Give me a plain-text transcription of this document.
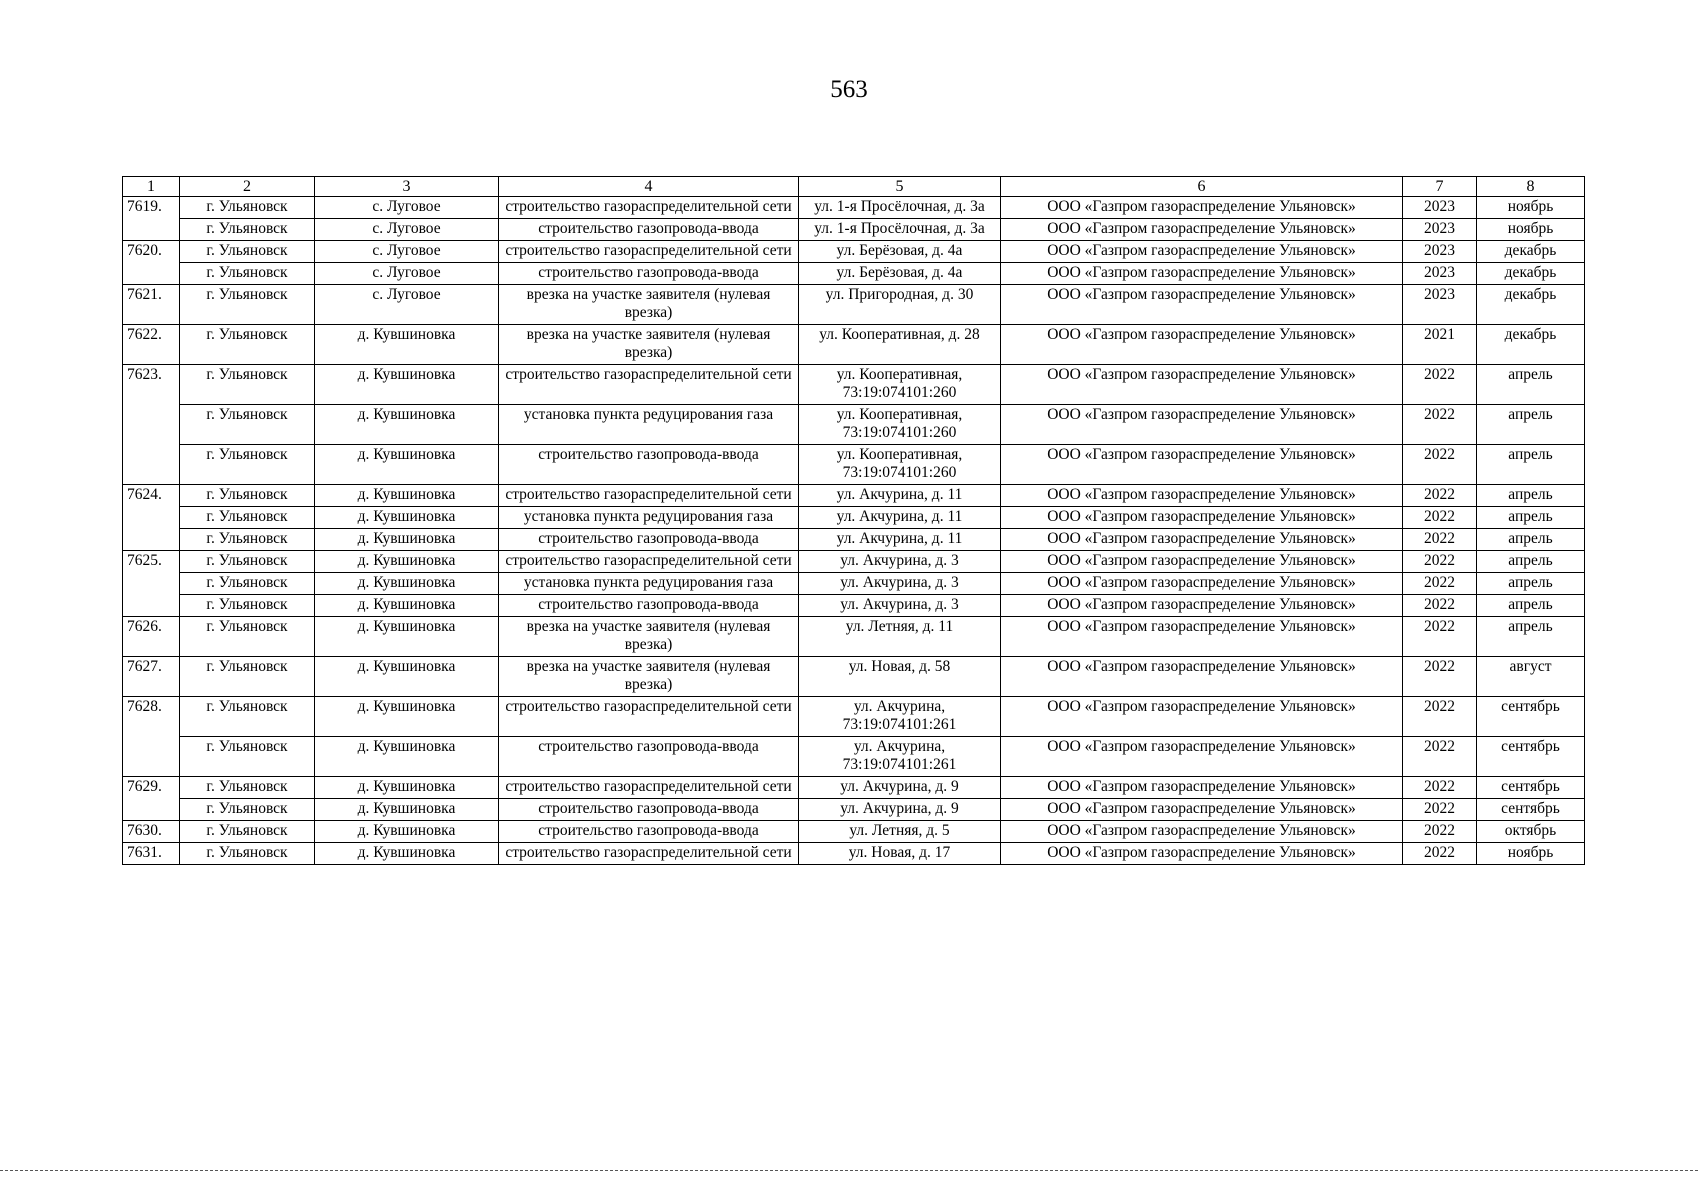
563
1	2	3	4	5	6	7	8
7619.	г. Ульяновск	с. Луговое	строительство газораспределительной сети	ул. 1-я Просёлочная, д. 3а	ООО «Газпром газораспределение Ульяновск»	2023	ноябрь
	г. Ульяновск	с. Луговое	строительство газопровода-ввода	ул. 1-я Просёлочная, д. 3а	ООО «Газпром газораспределение Ульяновск»	2023	ноябрь
7620.	г. Ульяновск	с. Луговое	строительство газораспределительной сети	ул. Берёзовая, д. 4а	ООО «Газпром газораспределение Ульяновск»	2023	декабрь
	г. Ульяновск	с. Луговое	строительство газопровода-ввода	ул. Берёзовая, д. 4а	ООО «Газпром газораспределение Ульяновск»	2023	декабрь
7621.	г. Ульяновск	с. Луговое	врезка на участке заявителя (нулевая врезка)	ул. Пригородная, д. 30	ООО «Газпром газораспределение Ульяновск»	2023	декабрь
7622.	г. Ульяновск	д. Кувшиновка	врезка на участке заявителя (нулевая врезка)	ул. Кооперативная, д. 28	ООО «Газпром газораспределение Ульяновск»	2021	декабрь
7623.	г. Ульяновск	д. Кувшиновка	строительство газораспределительной сети	ул. Кооперативная, 73:19:074101:260	ООО «Газпром газораспределение Ульяновск»	2022	апрель
	г. Ульяновск	д. Кувшиновка	установка пункта редуцирования газа	ул. Кооперативная, 73:19:074101:260	ООО «Газпром газораспределение Ульяновск»	2022	апрель
	г. Ульяновск	д. Кувшиновка	строительство газопровода-ввода	ул. Кооперативная, 73:19:074101:260	ООО «Газпром газораспределение Ульяновск»	2022	апрель
7624.	г. Ульяновск	д. Кувшиновка	строительство газораспределительной сети	ул. Акчурина, д. 11	ООО «Газпром газораспределение Ульяновск»	2022	апрель
	г. Ульяновск	д. Кувшиновка	установка пункта редуцирования газа	ул. Акчурина, д. 11	ООО «Газпром газораспределение Ульяновск»	2022	апрель
	г. Ульяновск	д. Кувшиновка	строительство газопровода-ввода	ул. Акчурина, д. 11	ООО «Газпром газораспределение Ульяновск»	2022	апрель
7625.	г. Ульяновск	д. Кувшиновка	строительство газораспределительной сети	ул. Акчурина, д. 3	ООО «Газпром газораспределение Ульяновск»	2022	апрель
	г. Ульяновск	д. Кувшиновка	установка пункта редуцирования газа	ул. Акчурина, д. 3	ООО «Газпром газораспределение Ульяновск»	2022	апрель
	г. Ульяновск	д. Кувшиновка	строительство газопровода-ввода	ул. Акчурина, д. 3	ООО «Газпром газораспределение Ульяновск»	2022	апрель
7626.	г. Ульяновск	д. Кувшиновка	врезка на участке заявителя (нулевая врезка)	ул. Летняя, д. 11	ООО «Газпром газораспределение Ульяновск»	2022	апрель
7627.	г. Ульяновск	д. Кувшиновка	врезка на участке заявителя (нулевая врезка)	ул. Новая, д. 58	ООО «Газпром газораспределение Ульяновск»	2022	август
7628.	г. Ульяновск	д. Кувшиновка	строительство газораспределительной сети	ул. Акчурина, 73:19:074101:261	ООО «Газпром газораспределение Ульяновск»	2022	сентябрь
	г. Ульяновск	д. Кувшиновка	строительство газопровода-ввода	ул. Акчурина, 73:19:074101:261	ООО «Газпром газораспределение Ульяновск»	2022	сентябрь
7629.	г. Ульяновск	д. Кувшиновка	строительство газораспределительной сети	ул. Акчурина, д. 9	ООО «Газпром газораспределение Ульяновск»	2022	сентябрь
	г. Ульяновск	д. Кувшиновка	строительство газопровода-ввода	ул. Акчурина, д. 9	ООО «Газпром газораспределение Ульяновск»	2022	сентябрь
7630.	г. Ульяновск	д. Кувшиновка	строительство газопровода-ввода	ул. Летняя, д. 5	ООО «Газпром газораспределение Ульяновск»	2022	октябрь
7631.	г. Ульяновск	д. Кувшиновка	строительство газораспределительной сети	ул. Новая, д. 17	ООО «Газпром газораспределение Ульяновск»	2022	ноябрь
